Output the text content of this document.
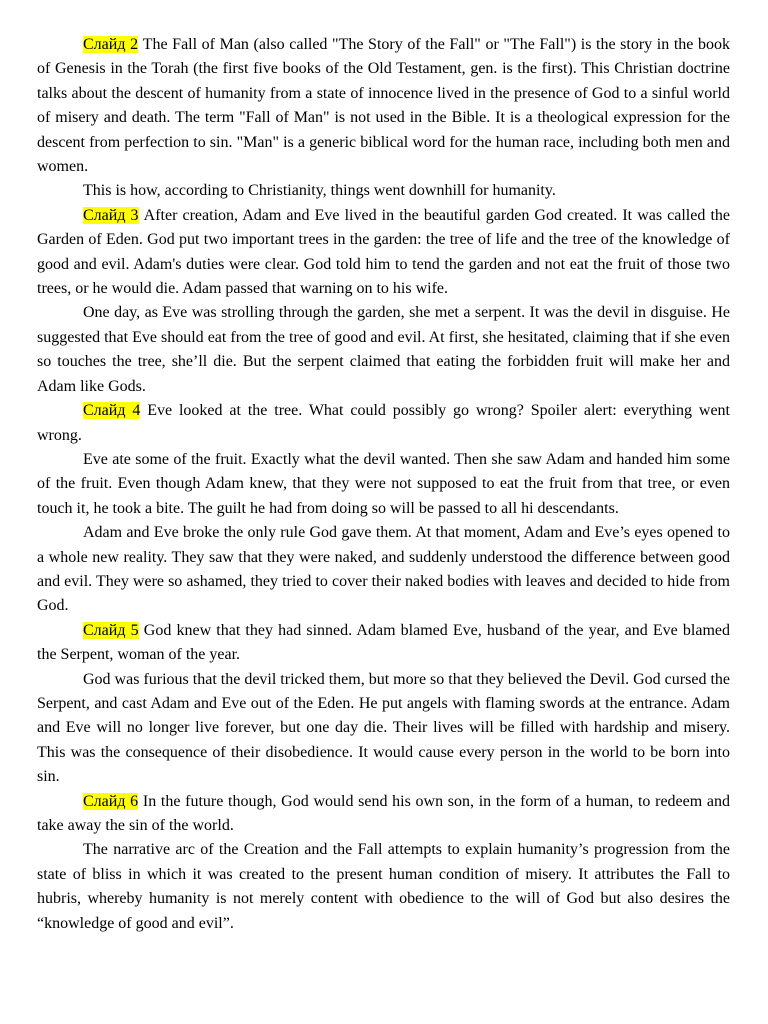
Слайд 2 The Fall of Man (also called "The Story of the Fall" or "The Fall") is the story in the book of Genesis in the Torah (the first five books of the Old Testament, gen. is the first). This Christian doctrine talks about the descent of humanity from a state of innocence lived in the presence of God to a sinful world of misery and death. The term "Fall of Man" is not used in the Bible. It is a theological expression for the descent from perfection to sin. "Man" is a generic biblical word for the human race, including both men and women.

This is how, according to Christianity, things went downhill for humanity.

Слайд 3 After creation, Adam and Eve lived in the beautiful garden God created. It was called the Garden of Eden. God put two important trees in the garden: the tree of life and the tree of the knowledge of good and evil. Adam's duties were clear. God told him to tend the garden and not eat the fruit of those two trees, or he would die. Adam passed that warning on to his wife.

One day, as Eve was strolling through the garden, she met a serpent. It was the devil in disguise. He suggested that Eve should eat from the tree of good and evil. At first, she hesitated, claiming that if she even so touches the tree, she’ll die. But the serpent claimed that eating the forbidden fruit will make her and Adam like Gods.

Слайд 4 Eve looked at the tree. What could possibly go wrong? Spoiler alert: everything went wrong.

Eve ate some of the fruit. Exactly what the devil wanted. Then she saw Adam and handed him some of the fruit. Even though Adam knew, that they were not supposed to eat the fruit from that tree, or even touch it, he took a bite. The guilt he had from doing so will be passed to all hi descendants.

Adam and Eve broke the only rule God gave them. At that moment, Adam and Eve’s eyes opened to a whole new reality. They saw that they were naked, and suddenly understood the difference between good and evil. They were so ashamed, they tried to cover their naked bodies with leaves and decided to hide from God.

Слайд 5 God knew that they had sinned. Adam blamed Eve, husband of the year, and Eve blamed the Serpent, woman of the year.

God was furious that the devil tricked them, but more so that they believed the Devil. God cursed the Serpent, and cast Adam and Eve out of the Eden. He put angels with flaming swords at the entrance. Adam and Eve will no longer live forever, but one day die. Their lives will be filled with hardship and misery. This was the consequence of their disobedience. It would cause every person in the world to be born into sin.

Слайд 6 In the future though, God would send his own son, in the form of a human, to redeem and take away the sin of the world.

The narrative arc of the Creation and the Fall attempts to explain humanity’s progression from the state of bliss in which it was created to the present human condition of misery. It attributes the Fall to hubris, whereby humanity is not merely content with obedience to the will of God but also desires the “knowledge of good and evil”.
